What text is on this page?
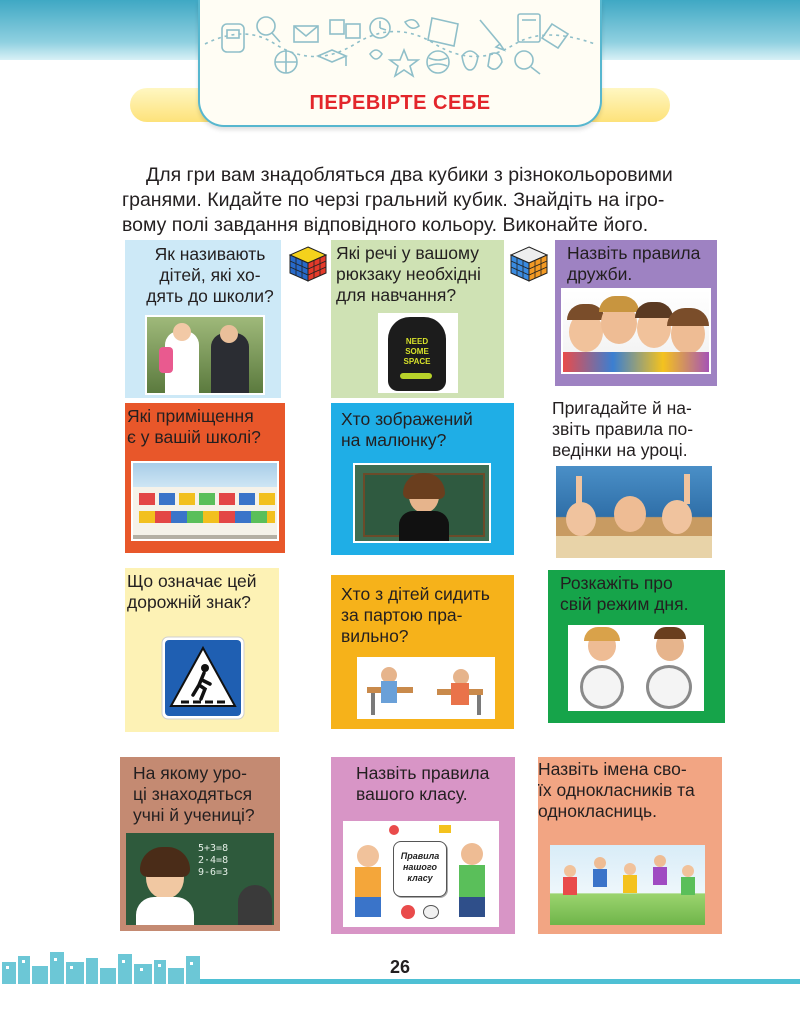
ПЕРЕВІРТЕ СЕБЕ
Для гри вам знадобляться два кубики з різнокольоровими
гранями. Кидайте по черзі гральний кубик. Знайдіть на ігро-
вому полі завдання відповідного кольору. Виконайте його.
Як називають
дітей, які хо-
дять до школи?
Які речі у вашому
рюкзаку необхідні
для навчання?
NEED
SOME
SPACE
Назвіть правила
дружби.
Які приміщення
є у вашій школі?
Хто зображений
на малюнку?
Пригадайте й на-
звіть правила по-
ведінки на уроці.
Що означає цей
дорожній знак?	Хто з дітей сидить
за партою пра-
вильно?
Розкажіть про
свій режим дня.
На якому уро-
ці знаходяться
учні й учениці?
5+3=8
2·4=8
9-6=3
Назвіть правила
вашого класу.
Правила
нашого
класу
Назвіть імена сво-
їх однокласників та
однокласниць.
26
